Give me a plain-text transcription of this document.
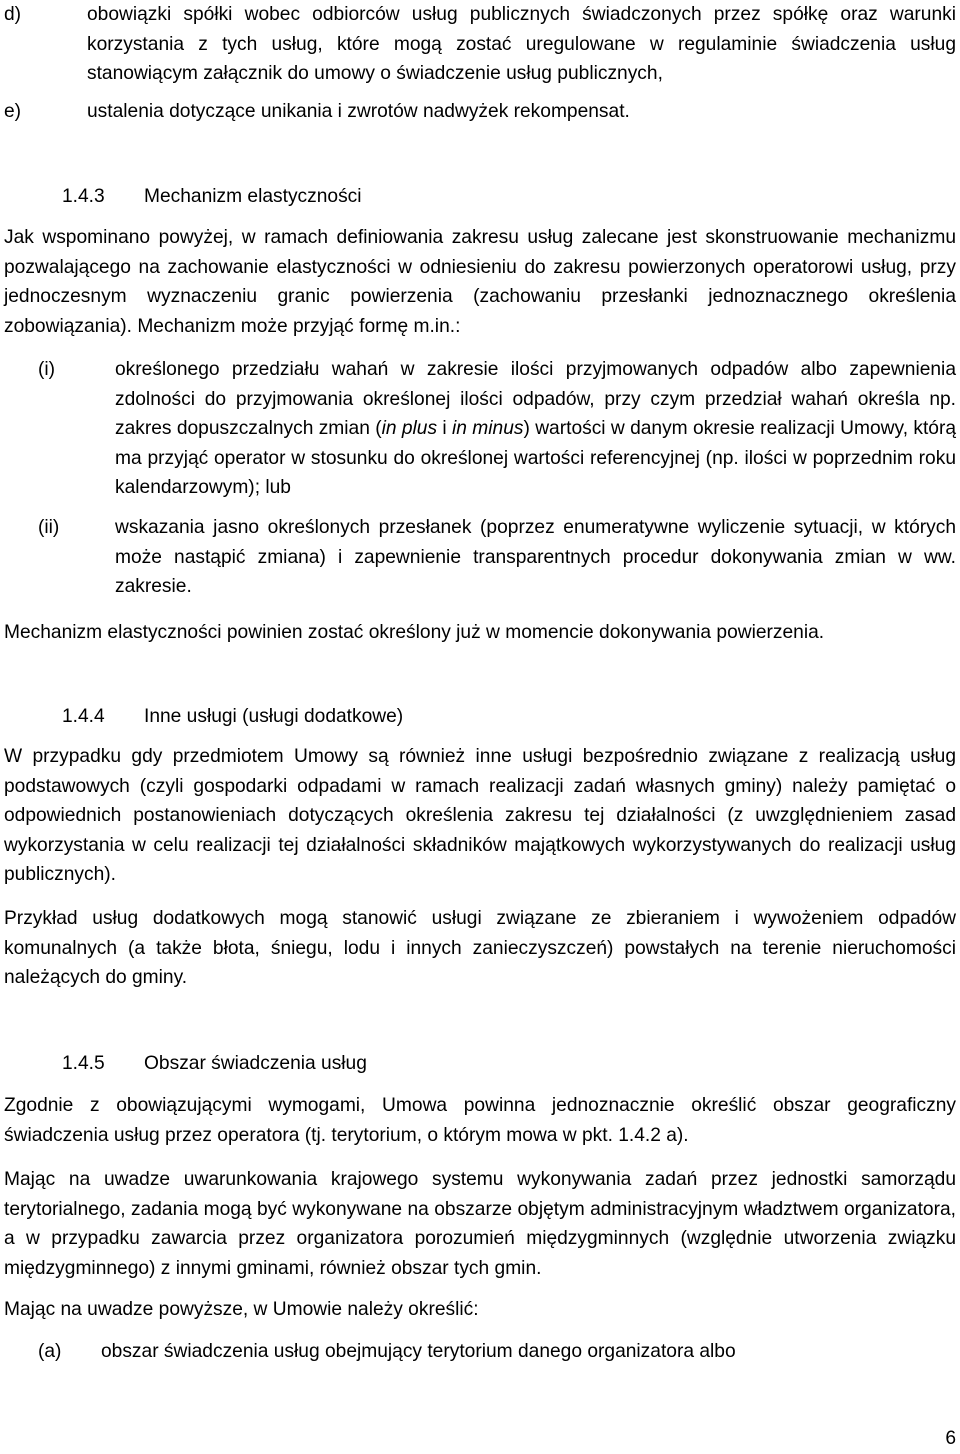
d)	obowiązki spółki wobec odbiorców usług publicznych świadczonych przez spółkę oraz warunki korzystania z tych usług, które mogą zostać uregulowane w regulaminie świadczenia usług stanowiącym załącznik do umowy o świadczenie usług publicznych,
e)	ustalenia dotyczące unikania i zwrotów nadwyżek rekompensat.
1.4.3 Mechanizm elastyczności

Jak wspominano powyżej, w ramach definiowania zakresu usług zalecane jest skonstruowanie mechanizmu pozwalającego na zachowanie elastyczności w odniesieniu do zakresu powierzonych operatorowi usług, przy jednoczesnym wyznaczeniu granic powierzenia (zachowaniu przesłanki jednoznacznego określenia zobowiązania). Mechanizm może przyjąć formę m.in.:

(i)	określonego przedziału wahań w zakresie ilości przyjmowanych odpadów albo zapewnienia zdolności do przyjmowania określonej ilości odpadów, przy czym przedział wahań określa np. zakres dopuszczalnych zmian (in plus i in minus) wartości w danym okresie realizacji Umowy, którą ma przyjąć operator w stosunku do określonej wartości referencyjnej (np. ilości w poprzednim roku kalendarzowym); lub
(ii)	wskazania jasno określonych przesłanek (poprzez enumeratywne wyliczenie sytuacji, w których może nastąpić zmiana) i zapewnienie transparentnych procedur dokonywania zmian w ww. zakresie.

Mechanizm elastyczności powinien zostać określony już w momencie dokonywania powierzenia.

1.4.4 Inne usługi (usługi dodatkowe)

W przypadku gdy przedmiotem Umowy są również inne usługi bezpośrednio związane z realizacją usług podstawowych (czyli gospodarki odpadami w ramach realizacji zadań własnych gminy) należy pamiętać o odpowiednich postanowieniach dotyczących określenia zakresu tej działalności (z uwzględnieniem zasad wykorzystania w celu realizacji tej działalności składników majątkowych wykorzystywanych do realizacji usług publicznych).

Przykład usług dodatkowych mogą stanowić usługi związane ze zbieraniem i wywożeniem odpadów komunalnych (a także błota, śniegu, lodu i innych zanieczyszczeń) powstałych na terenie nieruchomości należących do gminy.

1.4.5 Obszar świadczenia usług

Zgodnie z obowiązującymi wymogami, Umowa powinna jednoznacznie określić obszar geograficzny świadczenia usług przez operatora (tj. terytorium, o którym mowa w pkt. 1.4.2 a).

Mając na uwadze uwarunkowania krajowego systemu wykonywania zadań przez jednostki samorządu terytorialnego, zadania mogą być wykonywane na obszarze objętym administracyjnym władztwem organizatora, a w przypadku zawarcia przez organizatora porozumień międzygminnych (względnie utworzenia związku międzygminnego) z innymi gminami, również obszar tych gmin.

Mając na uwadze powyższe, w Umowie należy określić:

(a) obszar świadczenia usług obejmujący terytorium danego organizatora albo
6
